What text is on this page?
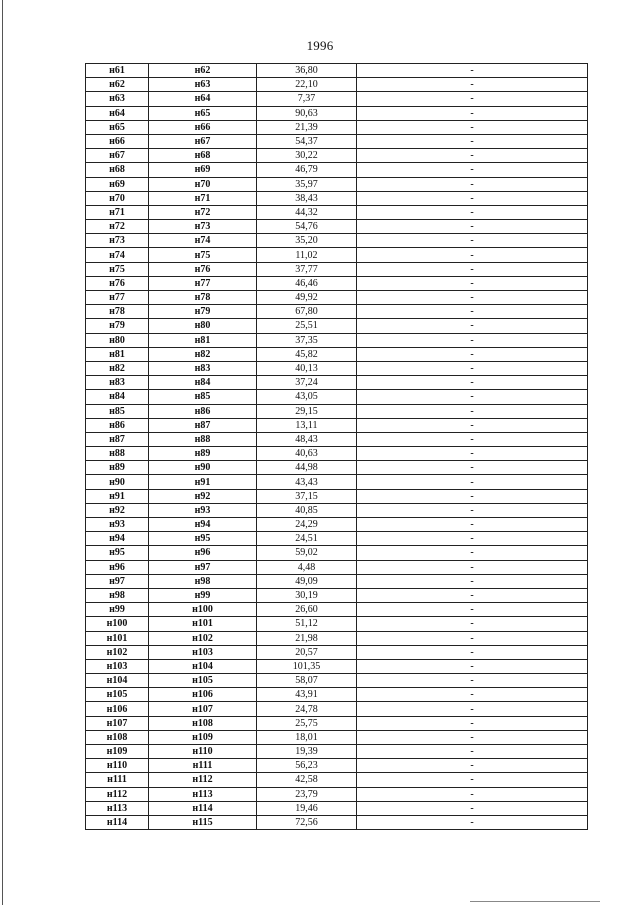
1996
н61	н62	36,80	-
н62	н63	22,10	-
н63	н64	7,37	-
н64	н65	90,63	-
н65	н66	21,39	-
н66	н67	54,37	-
н67	н68	30,22	-
н68	н69	46,79	-
н69	н70	35,97	-
н70	н71	38,43	-
н71	н72	44,32	-
н72	н73	54,76	-
н73	н74	35,20	-
н74	н75	11,02	-
н75	н76	37,77	-
н76	н77	46,46	-
н77	н78	49,92	-
н78	н79	67,80	-
н79	н80	25,51	-
н80	н81	37,35	-
н81	н82	45,82	-
н82	н83	40,13	-
н83	н84	37,24	-
н84	н85	43,05	-
н85	н86	29,15	-
н86	н87	13,11	-
н87	н88	48,43	-
н88	н89	40,63	-
н89	н90	44,98	-
н90	н91	43,43	-
н91	н92	37,15	-
н92	н93	40,85	-
н93	н94	24,29	-
н94	н95	24,51	-
н95	н96	59,02	-
н96	н97	4,48	-
н97	н98	49,09	-
н98	н99	30,19	-
н99	н100	26,60	-
н100	н101	51,12	-
н101	н102	21,98	-
н102	н103	20,57	-
н103	н104	101,35	-
н104	н105	58,07	-
н105	н106	43,91	-
н106	н107	24,78	-
н107	н108	25,75	-
н108	н109	18,01	-
н109	н110	19,39	-
н110	н111	56,23	-
н111	н112	42,58	-
н112	н113	23,79	-
н113	н114	19,46	-
н114	н115	72,56	-
